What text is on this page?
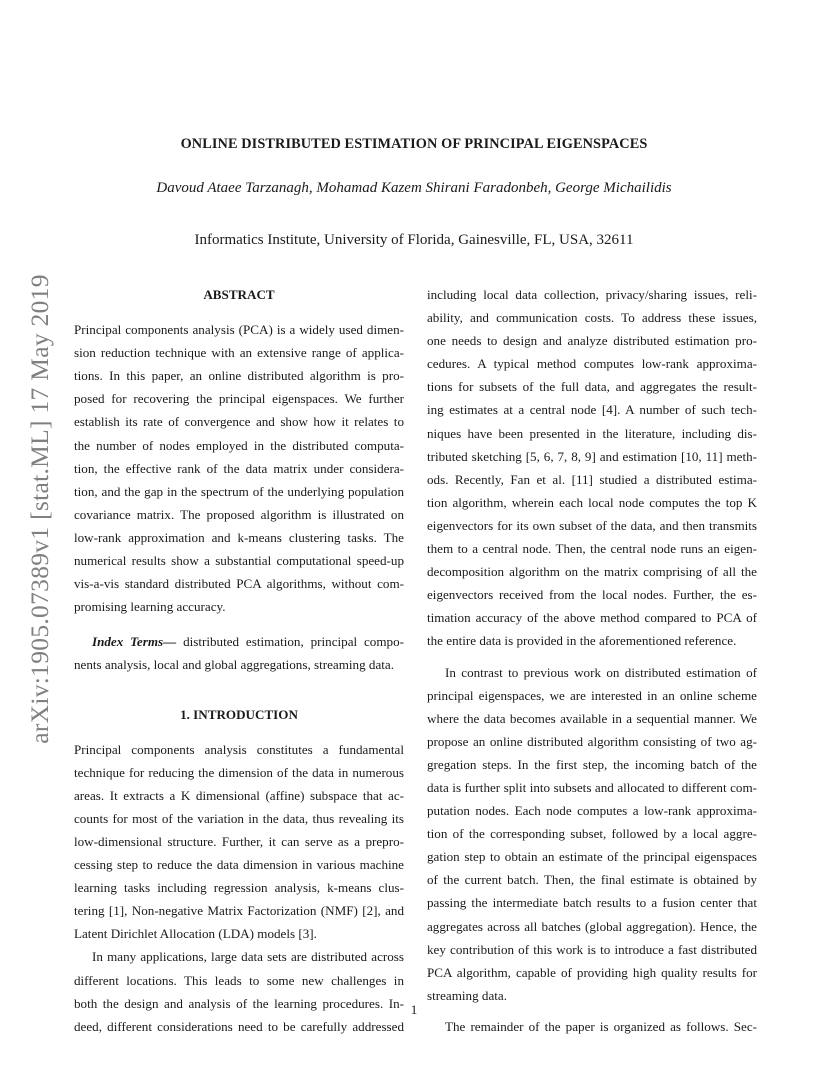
arXiv:1905.07389v1 [stat.ML] 17 May 2019
ONLINE DISTRIBUTED ESTIMATION OF PRINCIPAL EIGENSPACES
Davoud Ataee Tarzanagh, Mohamad Kazem Shirani Faradonbeh, George Michailidis
Informatics Institute, University of Florida, Gainesville, FL, USA, 32611
ABSTRACT

Principal components analysis (PCA) is a widely used dimen-

sion reduction technique with an extensive range of applica-

tions. In this paper, an online distributed algorithm is pro-

posed for recovering the principal eigenspaces. We further

establish its rate of convergence and show how it relates to

the number of nodes employed in the distributed computa-

tion, the effective rank of the data matrix under considera-

tion, and the gap in the spectrum of the underlying population

covariance matrix. The proposed algorithm is illustrated on

low-rank approximation and k-means clustering tasks. The

numerical results show a substantial computational speed-up

vis-a-vis standard distributed PCA algorithms, without com-

promising learning accuracy.

Index Terms— distributed estimation, principal compo-

nents analysis, local and global aggregations, streaming data.

1. INTRODUCTION

Principal components analysis constitutes a fundamental

technique for reducing the dimension of the data in numerous

areas. It extracts a K dimensional (affine) subspace that ac-

counts for most of the variation in the data, thus revealing its

low-dimensional structure. Further, it can serve as a prepro-

cessing step to reduce the data dimension in various machine

learning tasks including regression analysis, k-means clus-

tering [1], Non-negative Matrix Factorization (NMF) [2], and

Latent Dirichlet Allocation (LDA) models [3].

In many applications, large data sets are distributed across

different locations. This leads to some new challenges in

both the design and analysis of the learning procedures. In-

deed, different considerations need to be carefully addressed

including local data collection, privacy/sharing issues, reli-

ability, and communication costs. To address these issues,

one needs to design and analyze distributed estimation pro-

cedures. A typical method computes low-rank approxima-

tions for subsets of the full data, and aggregates the result-

ing estimates at a central node [4]. A number of such tech-

niques have been presented in the literature, including dis-

tributed sketching [5, 6, 7, 8, 9] and estimation [10, 11] meth-

ods. Recently, Fan et al. [11] studied a distributed estima-

tion algorithm, wherein each local node computes the top K

eigenvectors for its own subset of the data, and then transmits

them to a central node. Then, the central node runs an eigen-

decomposition algorithm on the matrix comprising of all the

eigenvectors received from the local nodes. Further, the es-

timation accuracy of the above method compared to PCA of

the entire data is provided in the aforementioned reference.

In contrast to previous work on distributed estimation of

principal eigenspaces, we are interested in an online scheme

where the data becomes available in a sequential manner. We

propose an online distributed algorithm consisting of two ag-

gregation steps. In the first step, the incoming batch of the

data is further split into subsets and allocated to different com-

putation nodes. Each node computes a low-rank approxima-

tion of the corresponding subset, followed by a local aggre-

gation step to obtain an estimate of the principal eigenspaces

of the current batch. Then, the final estimate is obtained by

passing the intermediate batch results to a fusion center that

aggregates across all batches (global aggregation). Hence, the

key contribution of this work is to introduce a fast distributed

PCA algorithm, capable of providing high quality results for

streaming data.

The remainder of the paper is organized as follows. Sec-

1
